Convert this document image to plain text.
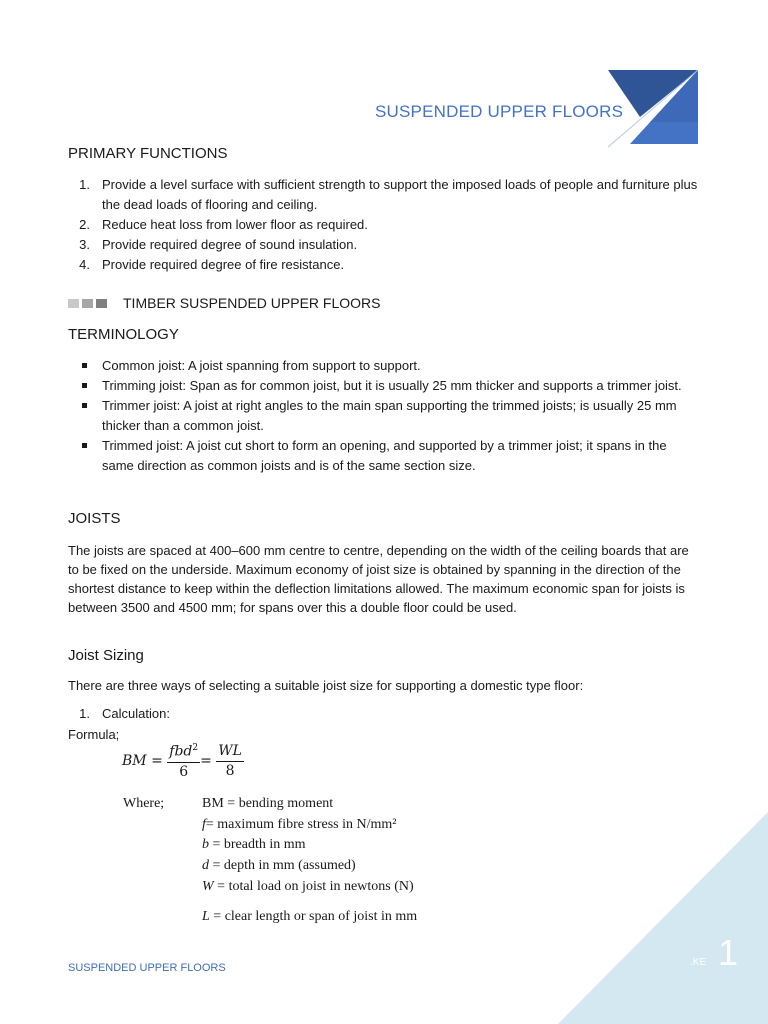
SUSPENDED UPPER FLOORS
PRIMARY FUNCTIONS
1. Provide a level surface with sufficient strength to support the imposed loads of people and furniture plus the dead loads of flooring and ceiling.
2. Reduce heat loss from lower floor as required.
3. Provide required degree of sound insulation.
4. Provide required degree of fire resistance.
TIMBER SUSPENDED UPPER FLOORS
TERMINOLOGY
Common joist: A joist spanning from support to support.
Trimming joist: Span as for common joist, but it is usually 25 mm thicker and supports a trimmer joist.
Trimmer joist: A joist at right angles to the main span supporting the trimmed joists; is usually 25 mm thicker than a common joist.
Trimmed joist: A joist cut short to form an opening, and supported by a trimmer joist; it spans in the same direction as common joists and is of the same section size.
JOISTS
The joists are spaced at 400–600 mm centre to centre, depending on the width of the ceiling boards that are to be fixed on the underside. Maximum economy of joist size is obtained by spanning in the direction of the shortest distance to keep within the deflection limitations allowed. The maximum economic span for joists is between 3500 and 4500 mm; for spans over this a double floor could be used.
Joist Sizing
There are three ways of selecting a suitable joist size for supporting a domestic type floor:
1. Calculation:
Formula;
BM = $\frac{fbd^2}{6} = \frac{WL}{8}$
Where;	BM = bending moment
f= maximum fibre stress in N/mm²
b = breadth in mm
d = depth in mm (assumed)
W = total load on joist in newtons (N)
L = clear length or span of joist in mm
SUSPENDED UPPER FLOORS	.KE 1
